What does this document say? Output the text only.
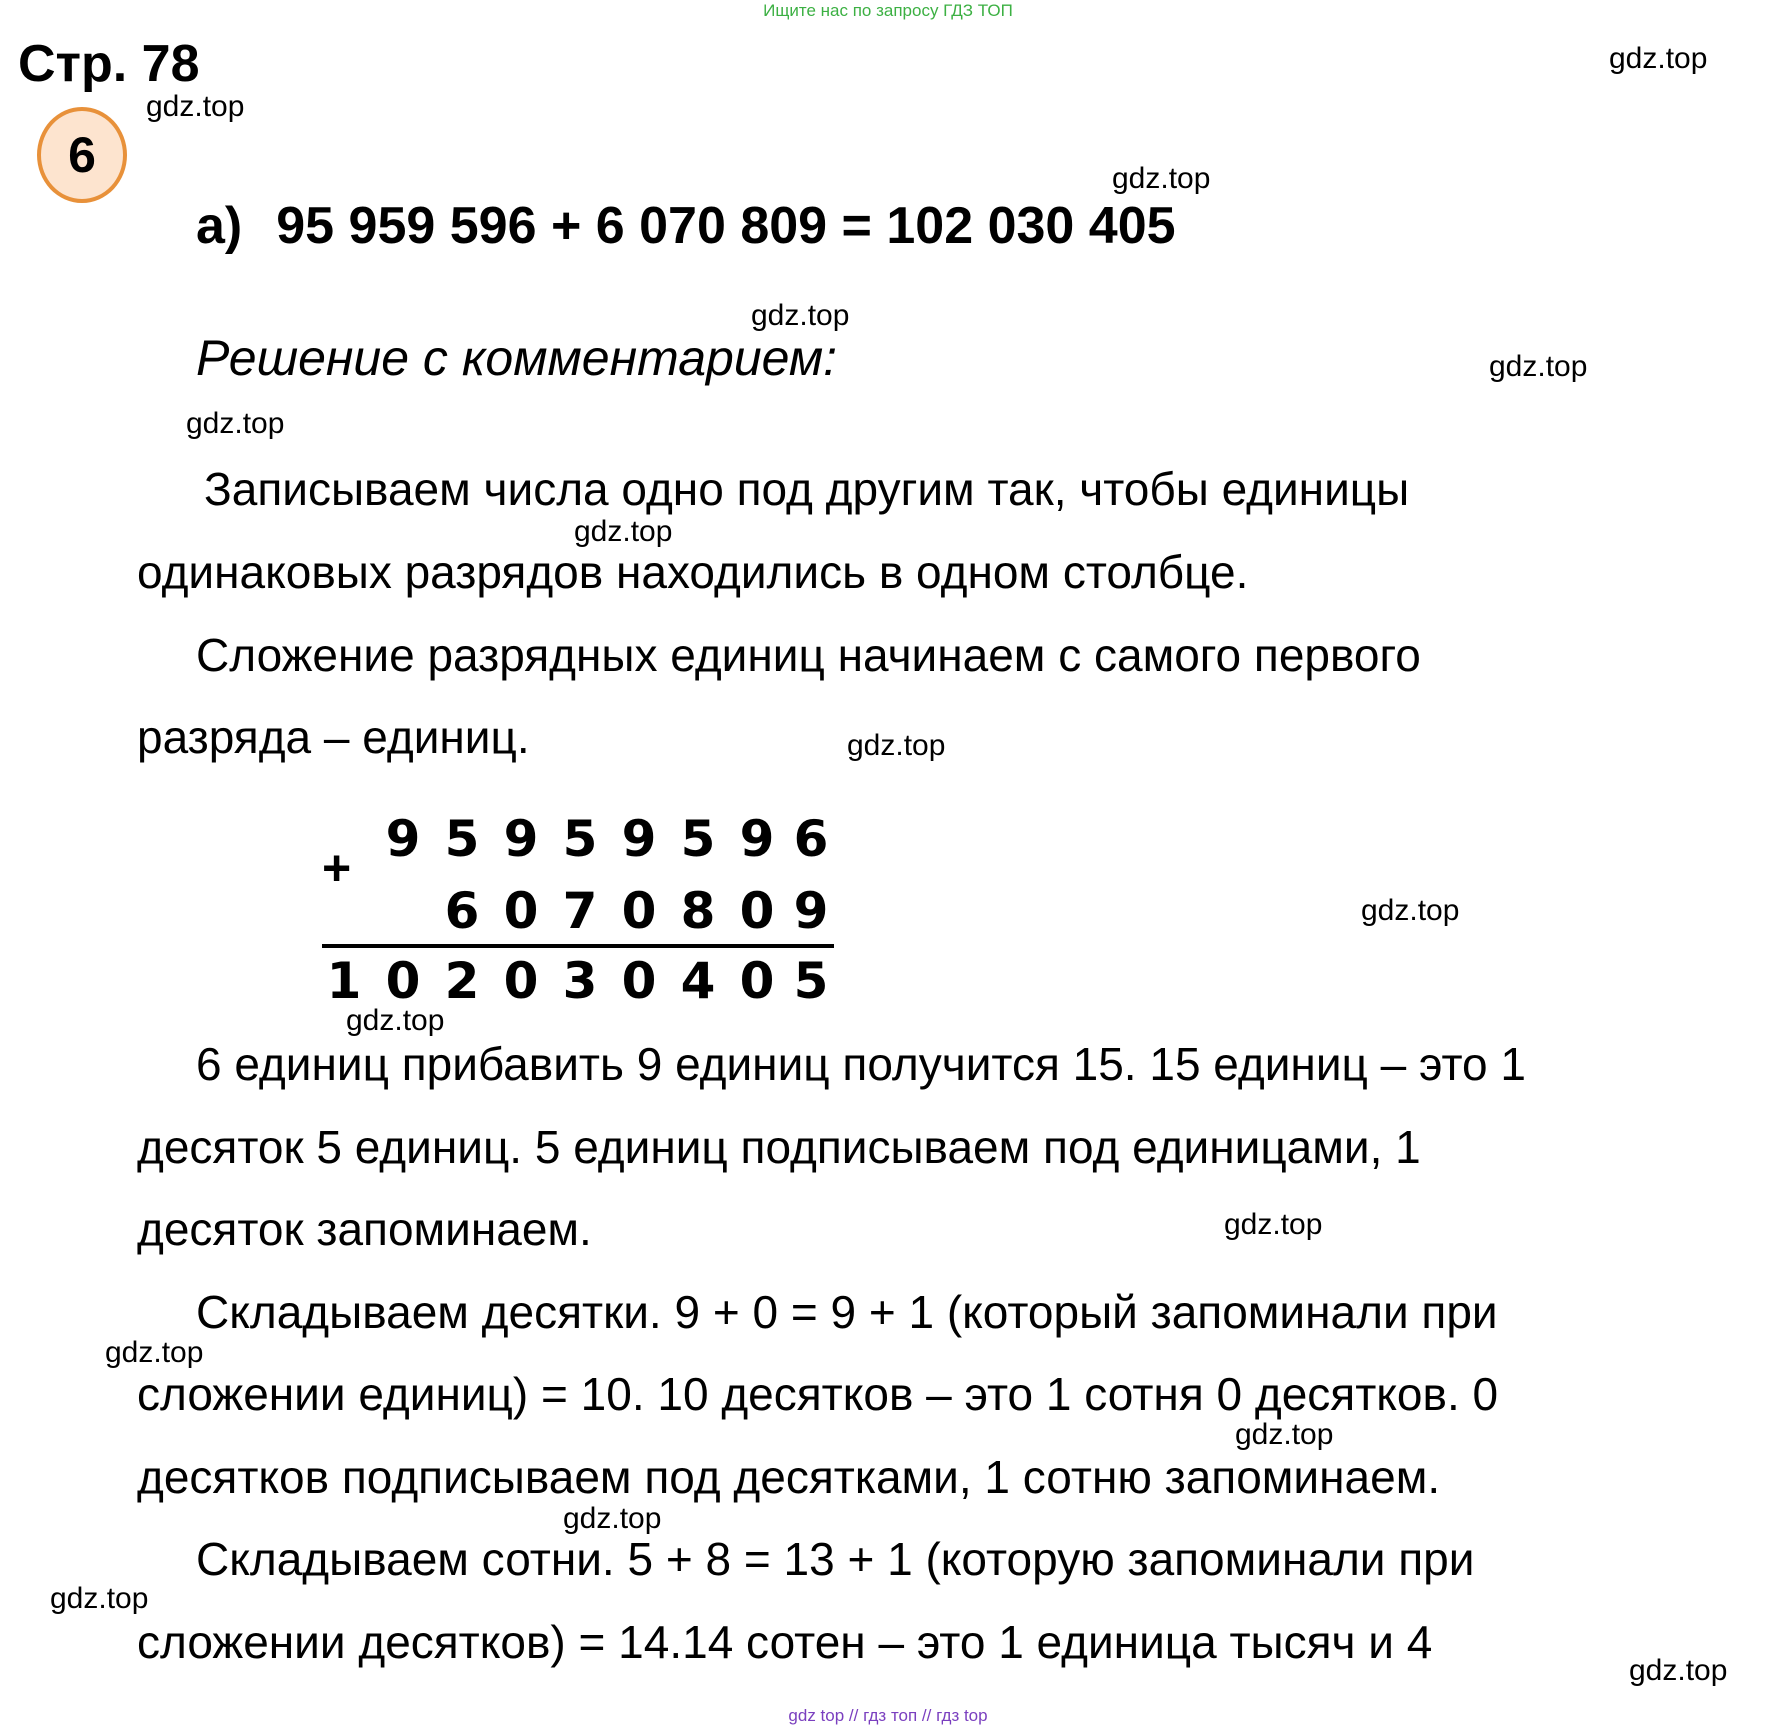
Ищите нас по запросу ГДЗ ТОП
Стр. 78
6
а) 95 959 596 + 6 070 809 = 102 030 405
Решение с комментарием:
Записываем числа одно под другим так, чтобы единицы
одинаковых разрядов находились в одном столбце.
Сложение разрядных единиц начинаем с самого первого
разряда – единиц.
+ 9 5 9 5 9 5 9 6
6 0 7 0 8 0 9
1 0 2 0 3 0 4 0 5
6 единиц прибавить 9 единиц получится 15. 15 единиц – это 1
десяток 5 единиц. 5 единиц подписываем под единицами, 1
десяток запоминаем.
Складываем десятки. 9 + 0 = 9 + 1 (который запоминали при
сложении единиц) = 10. 10 десятков – это 1 сотня 0 десятков. 0
десятков подписываем под десятками, 1 сотню запоминаем.
Складываем сотни. 5 + 8 = 13 + 1 (которую запоминали при
сложении десятков) = 14.14 сотен – это 1 единица тысяч и 4
gdz.top
gdz.top
gdz.top
gdz.top
gdz.top
gdz.top
gdz.top
gdz.top
gdz.top
gdz.top
gdz.top
gdz.top
gdz.top
gdz.top
gdz.top
gdz.top
gdz top // гдз топ // гдз top
